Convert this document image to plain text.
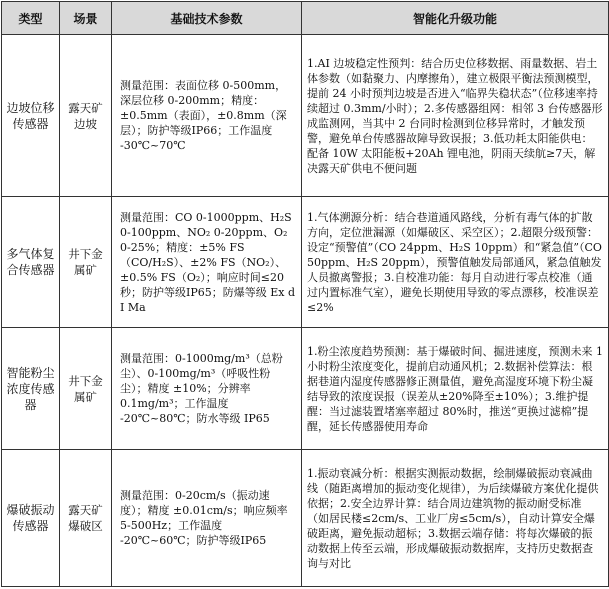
类型	场景	基础技术参数	智能化升级功能
边坡位移传感器	露天矿边坡	测量范围：表面位移 0-500mm，深层位移 0-200mm；精度：±0.5mm（表面），±0.8mm（深层）；防护等级IP66；工作温度 -30℃~70℃	1.AI 边坡稳定性预判：结合历史位移数据、雨量数据、岩土体参数（如黏聚力、内摩擦角），建立极限平衡法预测模型，提前 24 小时预判边坡是否进入“临界失稳状态”（位移速率持续超过 0.3mm/小时）；2.多传感器组网：相邻 3 台传感器形成监测网，当其中 2 台同时检测到位移异常时，才触发预警，避免单台传感器故障导致误报；3.低功耗太阳能供电：配备 10W 太阳能板+20Ah 锂电池，阴雨天续航≥7天，解决露天矿供电不便问题
多气体复合传感器	井下金属矿	测量范围：CO 0-1000ppm、H₂S 0-100ppm、NO₂ 0-20ppm、O₂ 0-25%；精度：±5% FS（CO/H₂S）、±2% FS（NO₂）、±0.5% FS（O₂）；响应时间≤20 秒；防护等级IP65；防爆等级 Ex d I Ma	1.气体溯源分析：结合巷道通风路线，分析有毒气体的扩散方向，定位泄漏源（如爆破区、采空区）；2.超限分级预警：设定“预警值”（CO 24ppm、H₂S 10ppm）和“紧急值”（CO 50ppm、H₂S 20ppm），预警值触发局部通风，紧急值触发人员撤离警报；3.自校准功能：每月自动进行零点校准（通过内置标准气室），避免长期使用导致的零点漂移，校准误差≤2%
智能粉尘浓度传感器	井下金属矿	测量范围：0-1000mg/m³（总粉尘）、0-100mg/m³（呼吸性粉尘）；精度 ±10%；分辨率 0.1mg/m³；工作温度 -20℃~80℃；防水等级 IP65	1.粉尘浓度趋势预测：基于爆破时间、掘进速度，预测未来 1 小时粉尘浓度变化，提前启动通风机；2.数据补偿算法：根据巷道内湿度传感器修正测量值，避免高湿度环境下粉尘凝结导致的浓度误报（误差从±20%降至±10%）；3.维护提醒：当过滤装置堵塞率超过 80%时，推送“更换过滤棉”提醒，延长传感器使用寿命
爆破振动传感器	露天矿爆破区	测量范围：0-20cm/s（振动速度）；精度 ±0.01cm/s；响应频率 5-500Hz；工作温度 -20℃~60℃；防护等级IP65	1.振动衰减分析：根据实测振动数据，绘制爆破振动衰减曲线（随距离增加的振动变化规律），为后续爆破方案优化提供依据；2.安全边界计算：结合周边建筑物的振动耐受标准（如居民楼≤2cm/s、工业厂房≤5cm/s），自动计算安全爆破距离，避免振动超标；3.数据云端存储：将每次爆破的振动数据上传至云端，形成爆破振动数据库，支持历史数据查询与对比
